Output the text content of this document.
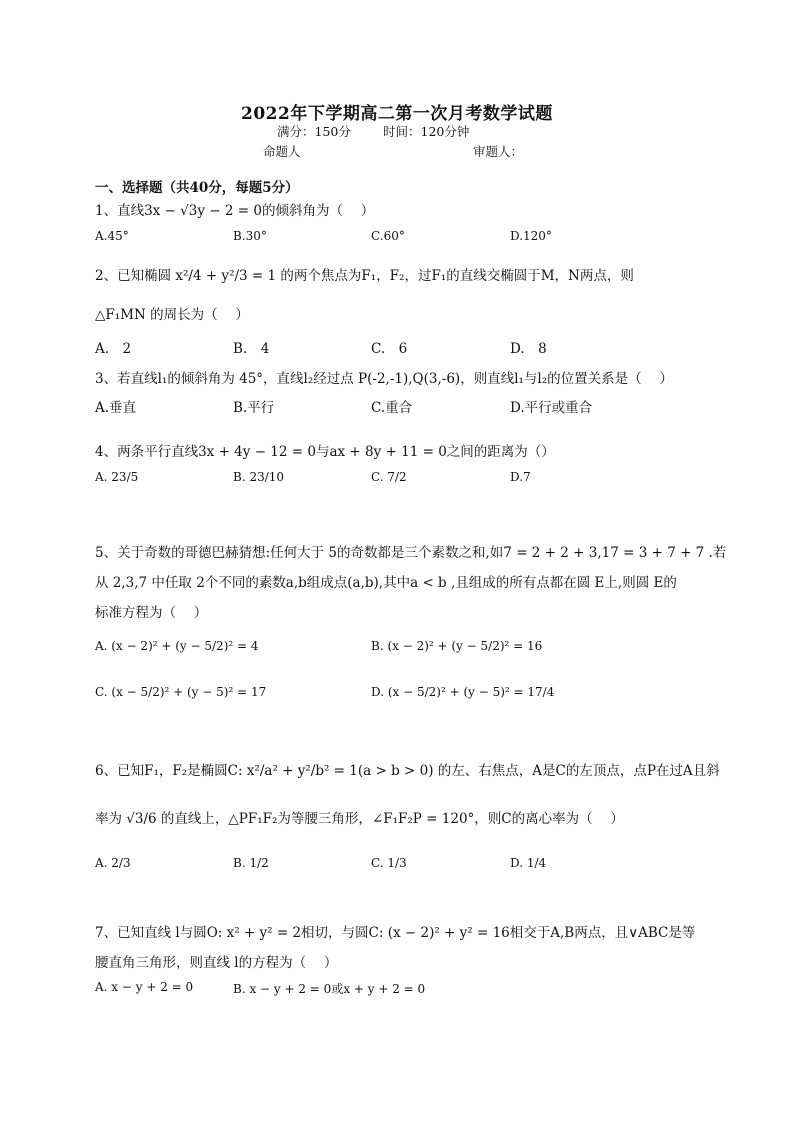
2022年下学期高二第一次月考数学试题
满分：150分	时间：120分钟
命题人	审题人：
一、选择题（共40分，每题5分）
1、直线3x − √3y − 2 = 0的倾斜角为（　 ）
A.45°	B.30°	C.60°	D.120°
2、已知椭圆 x²/4 + y²/3 = 1 的两个焦点为F₁，F₂，过F₁的直线交椭圆于M，N两点，则
△F₁MN 的周长为（　 ）
A.　2	B.　4	C.　6	D.　8
3、若直线l₁的倾斜角为 45°，直线l₂经过点 P(-2,-1),Q(3,-6)，则直线l₁与l₂的位置关系是（　 ）
A.垂直	B.平行	C.重合	D.平行或重合
4、两条平行直线3x + 4y − 12 = 0与ax + 8y + 11 = 0之间的距离为（）
A. 23/5	B. 23/10	C. 7/2	D.7
5、关于奇数的哥德巴赫猜想:任何大于 5的奇数都是三个素数之和,如7 = 2 + 2 + 3,17 = 3 + 7 + 7 .若
从 2,3,7 中任取 2个不同的素数a,b组成点(a,b),其中a < b ,且组成的所有点都在圆 E上,则圆 E的
标准方程为（　 ）
A. (x − 2)² + (y − 5/2)² = 4	B. (x − 2)² + (y − 5/2)² = 16
C. (x − 5/2)² + (y − 5)² = 17	D. (x − 5/2)² + (y − 5)² = 17/4
6、已知F₁，F₂是椭圆C: x²/a² + y²/b² = 1(a > b > 0) 的左、右焦点，A是C的左顶点，点P在过A且斜
率为 √3/6 的直线上，△PF₁F₂为等腰三角形，∠F₁F₂P = 120°，则C的离心率为（　 ）
A. 2/3	B. 1/2	C. 1/3	D. 1/4
7、已知直线 l与圆O: x² + y² = 2相切，与圆C: (x − 2)² + y² = 16相交于A,B两点，且∨ABC是等
腰直角三角形，则直线 l的方程为（　 ）
A. x − y + 2 = 0	B. x − y + 2 = 0或x + y + 2 = 0
